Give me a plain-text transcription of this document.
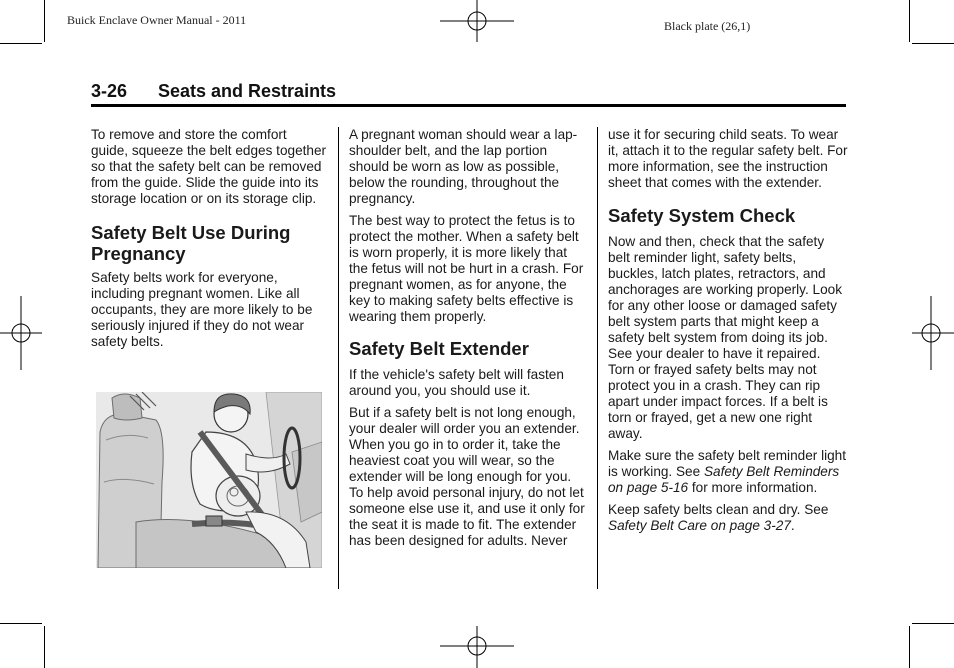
Buick Enclave Owner Manual - 2011	Black plate (26,1)
3-26 Seats and Restraints

To remove and store the comfort guide, squeeze the belt edges together so that the safety belt can be removed from the guide. Slide the guide into its storage location or on its storage clip.

Safety Belt Use During
Pregnancy

Safety belts work for everyone, including pregnant women. Like all occupants, they are more likely to be seriously injured if they do not wear safety belts.

A pregnant woman should wear a lap-shoulder belt, and the lap portion should be worn as low as possible, below the rounding, throughout the pregnancy.

The best way to protect the fetus is to protect the mother. When a safety belt is worn properly, it is more likely that the fetus will not be hurt in a crash. For pregnant women, as for anyone, the key to making safety belts effective is wearing them properly.

Safety Belt Extender

If the vehicle's safety belt will fasten around you, you should use it.

But if a safety belt is not long enough, your dealer will order you an extender. When you go in to order it, take the heaviest coat you will wear, so the extender will be long enough for you. To help avoid personal injury, do not let someone else use it, and use it only for the seat it is made to fit. The extender has been designed for adults. Never

use it for securing child seats. To wear it, attach it to the regular safety belt. For more information, see the instruction sheet that comes with the extender.

Safety System Check

Now and then, check that the safety belt reminder light, safety belts, buckles, latch plates, retractors, and anchorages are working properly. Look for any other loose or damaged safety belt system parts that might keep a safety belt system from doing its job. See your dealer to have it repaired. Torn or frayed safety belts may not protect you in a crash. They can rip apart under impact forces. If a belt is torn or frayed, get a new one right away.

Make sure the safety belt reminder light is working. See Safety Belt Reminders on page 5-16 for more information.

Keep safety belts clean and dry. See Safety Belt Care on page 3-27.
